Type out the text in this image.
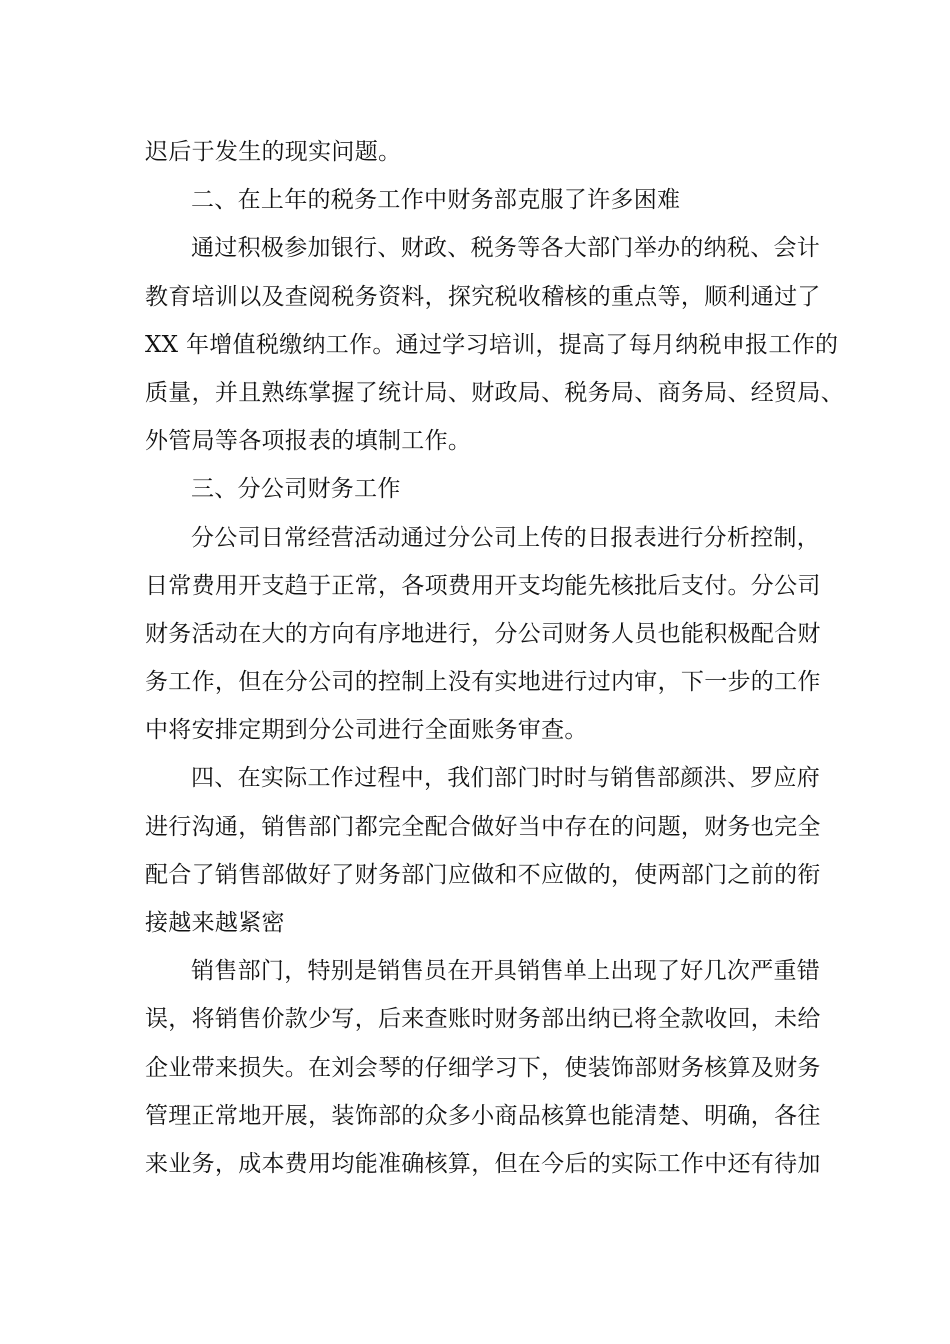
迟后于发生的现实问题。
二、在上年的税务工作中财务部克服了许多困难
通过积极参加银行、财政、税务等各大部门举办的纳税、会计
教育培训以及查阅税务资料，探究税收稽核的重点等，顺利通过了
XX 年增值税缴纳工作。通过学习培训，提高了每月纳税申报工作的
质量，并且熟练掌握了统计局、财政局、税务局、商务局、经贸局、
外管局等各项报表的填制工作。
三、分公司财务工作
分公司日常经营活动通过分公司上传的日报表进行分析控制，
日常费用开支趋于正常，各项费用开支均能先核批后支付。分公司
财务活动在大的方向有序地进行，分公司财务人员也能积极配合财
务工作，但在分公司的控制上没有实地进行过内审，下一步的工作
中将安排定期到分公司进行全面账务审查。
四、在实际工作过程中，我们部门时时与销售部颜洪、罗应府
进行沟通，销售部门都完全配合做好当中存在的问题，财务也完全
配合了销售部做好了财务部门应做和不应做的，使两部门之前的衔
接越来越紧密
销售部门，特别是销售员在开具销售单上出现了好几次严重错
误，将销售价款少写，后来查账时财务部出纳已将全款收回，未给
企业带来损失。在刘会琴的仔细学习下，使装饰部财务核算及财务
管理正常地开展，装饰部的众多小商品核算也能清楚、明确，各往
来业务，成本费用均能准确核算，但在今后的实际工作中还有待加
